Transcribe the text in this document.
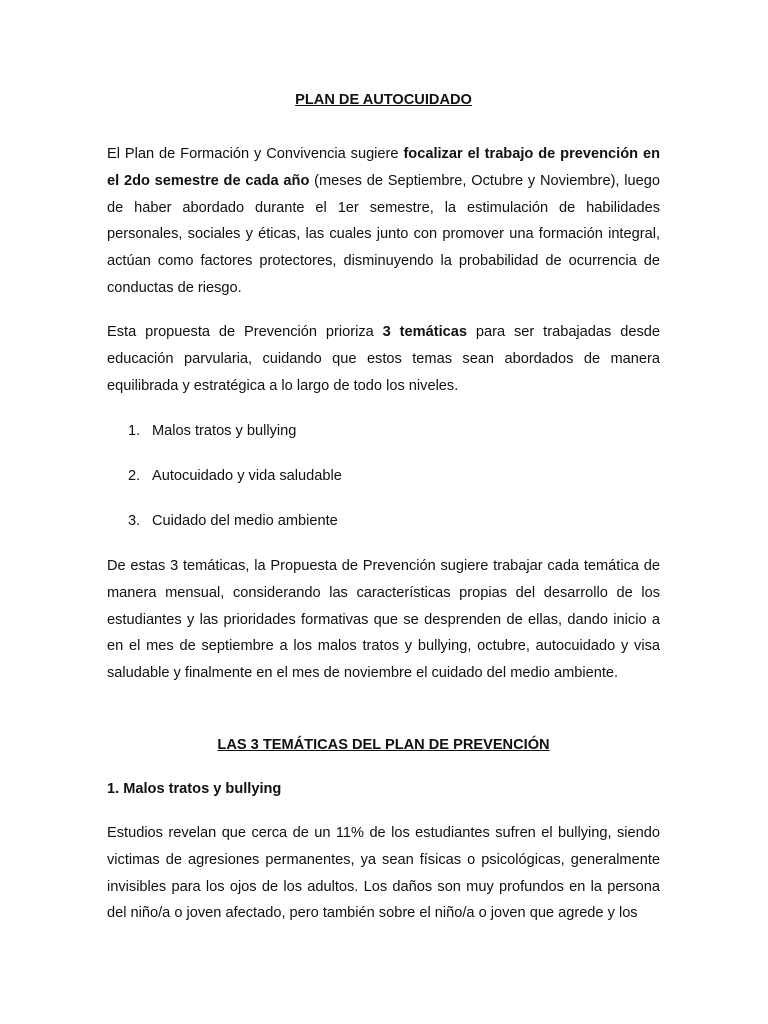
PLAN DE AUTOCUIDADO
El Plan de Formación y Convivencia sugiere focalizar el trabajo de prevención en el 2do semestre de cada año (meses de Septiembre, Octubre y Noviembre), luego de haber abordado durante el 1er semestre, la estimulación de habilidades personales, sociales y éticas, las cuales junto con promover una formación integral, actúan como factores protectores, disminuyendo la probabilidad de ocurrencia de conductas de riesgo.
Esta propuesta de Prevención prioriza 3 temáticas para ser trabajadas desde educación parvularia, cuidando que estos temas sean abordados de manera equilibrada y estratégica a lo largo de todo los niveles.
1. Malos tratos y bullying
2. Autocuidado y vida saludable
3. Cuidado del medio ambiente
De estas 3 temáticas, la Propuesta de Prevención sugiere trabajar cada temática de manera mensual, considerando las características propias del desarrollo de los estudiantes y las prioridades formativas que se desprenden de ellas, dando inicio a en el mes de septiembre a los malos tratos y bullying, octubre, autocuidado y visa saludable y finalmente en el mes de noviembre el cuidado del medio ambiente.
LAS 3 TEMÁTICAS DEL PLAN DE PREVENCIÓN
1. Malos tratos y bullying
Estudios revelan que cerca de un 11% de los estudiantes sufren el bullying, siendo victimas de agresiones permanentes, ya sean físicas o psicológicas, generalmente invisibles para los ojos de los adultos. Los daños son muy profundos en la persona del niño/a o joven afectado, pero también sobre el niño/a o joven que agrede y los
